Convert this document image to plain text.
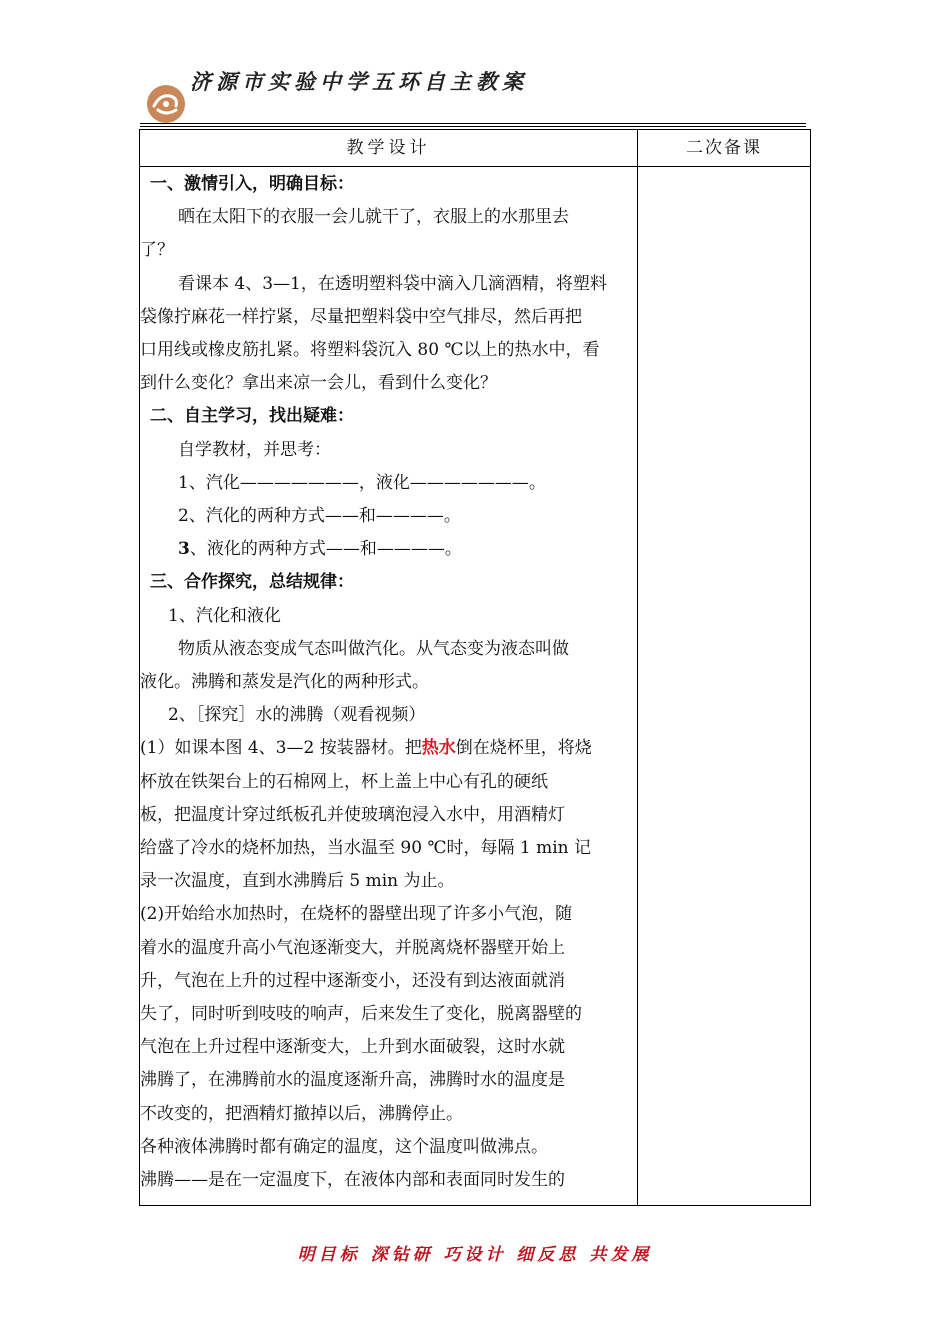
济源市实验中学五环自主教案
教学设计	二次备课
一、激情引入，明确目标：
晒在太阳下的衣服一会儿就干了，衣服上的水那里去
了？
看课本 4、3—1，在透明塑料袋中滴入几滴酒精，将塑料
袋像拧麻花一样拧紧，尽量把塑料袋中空气排尽，然后再把
口用线或橡皮筋扎紧。将塑料袋沉入 80 ℃以上的热水中，看
到什么变化？拿出来凉一会儿，看到什么变化？
二、自主学习，找出疑难：
自学教材，并思考：
1、汽化———————，液化———————。
2、汽化的两种方式——和————。
3、液化的两种方式——和————。
三、合作探究，总结规律：
1、汽化和液化
物质从液态变成气态叫做汽化。从气态变为液态叫做
液化。沸腾和蒸发是汽化的两种形式。
2、［探究］水的沸腾（观看视频）
(1）如课本图 4、3—2 按装器材。把热水倒在烧杯里，将烧
杯放在铁架台上的石棉网上，杯上盖上中心有孔的硬纸
板，把温度计穿过纸板孔并使玻璃泡浸入水中，用酒精灯
给盛了冷水的烧杯加热，当水温至 90 ℃时，每隔 1 min 记
录一次温度，直到水沸腾后 5 min 为止。
(2)开始给水加热时，在烧杯的器壁出现了许多小气泡，随
着水的温度升高小气泡逐渐变大，并脱离烧杯器壁开始上
升，气泡在上升的过程中逐渐变小，还没有到达液面就消
失了，同时听到吱吱的响声，后来发生了变化，脱离器壁的
气泡在上升过程中逐渐变大，上升到水面破裂，这时水就
沸腾了，在沸腾前水的温度逐渐升高，沸腾时水的温度是
不改变的，把酒精灯撤掉以后，沸腾停止。
各种液体沸腾时都有确定的温度，这个温度叫做沸点。
沸腾——是在一定温度下，在液体内部和表面同时发生的
明目标 深钻研 巧设计 细反思 共发展
